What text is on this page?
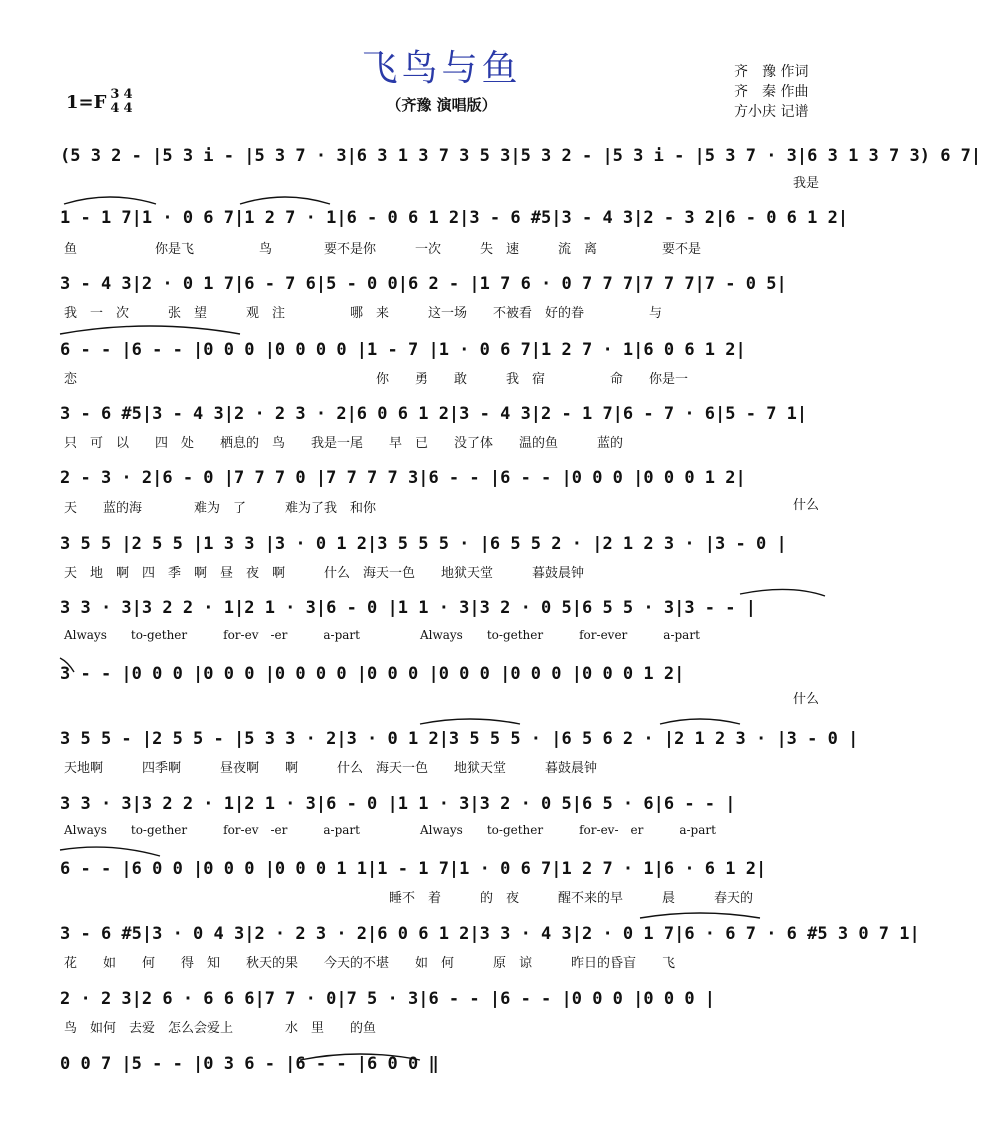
飞鸟与鱼
（齐豫 演唱版）
1=F 3
4
4
4
齐　豫 作词
齐　秦 作曲
方小庆 记谱
(5 3 2 - |5 3 i - |5 3 7 · 3|6 3 1 3 7 3 5 3|5 3 2 - |5 3 i - |5 3 7 · 3|6 3 1 3 7 3) 6 7|
我是
1 - 1 7|1 · 0 6 7|1 2 7 · 1|6 - 0 6 1 2|3 - 6 #5|3 - 4 3|2 - 3 2|6 - 0 6 1 2|
鱼　　　　　　你是飞　　　　　鸟　　　　要不是你　　　一次　　　失　速　　　流　离　　　　　要不是
3 - 4 3|2 · 0 1 7|6 - 7 6|5 - 0 0|6 2 - |1 7 6 · 0 7 7 7|7 7 7|7 - 0 5|
我　一　次　　　张　望　　　观　注　　　　　哪　来　　　这一场　　不被看　好的眷　　　　　与
6 - - |6 - - |0 0 0 |0 0 0 0 |1 - 7 |1 · 0 6 7|1 2 7 · 1|6 0 6 1 2|
恋　　　　　　　　　　　　　　　　　　　　　　　你　　勇　　敢　　　我　宿　　　　　命　　你是一
3 - 6 #5|3 - 4 3|2 · 2 3 · 2|6 0 6 1 2|3 - 4 3|2 - 1 7|6 - 7 · 6|5 - 7 1|
只　可　以　　四　处　　栖息的　鸟　　我是一尾　　早　已　　没了体　　温的鱼　　　蓝的
2 - 3 · 2|6 - 0 |7 7 7 0 |7 7 7 7 3|6 - - |6 - - |0 0 0 |0 0 0 1 2|
天　　蓝的海　　　　难为　了　　　难为了我　和你	什么
3 5 5 |2 5 5 |1 3 3 |3 · 0 1 2|3 5 5 5 · |6 5 5 2 · |2 1 2 3 · |3 - 0 |
天　地　啊　四　季　啊　昼　夜　啊　　　什么　海天一色　　地狱天堂　　　暮鼓晨钟
3 3 · 3|3 2 2 · 1|2 1 · 3|6 - 0 |1 1 · 3|3 2 · 0 5|6 5 5 · 3|3 - - |
Always　　to-gether　　　for-ev　-er　　　a-part　　　　　Always　　to-gether　　　for-ever　　　a-part
3 - - |0 0 0 |0 0 0 |0 0 0 0 |0 0 0 |0 0 0 |0 0 0 |0 0 0 1 2|
什么
3 5 5 - |2 5 5 - |5 3 3 · 2|3 · 0 1 2|3 5 5 5 · |6 5 6 2 · |2 1 2 3 · |3 - 0 |
天地啊　　　四季啊　　　昼夜啊　　啊　　　什么　海天一色　　地狱天堂　　　暮鼓晨钟
3 3 · 3|3 2 2 · 1|2 1 · 3|6 - 0 |1 1 · 3|3 2 · 0 5|6 5 · 6|6 - - |
Always　　to-gether　　　for-ev　-er　　　a-part　　　　　Always　　to-gether　　　for-ev-　er　　　a-part
6 - - |6 0 0 |0 0 0 |0 0 0 1 1|1 - 1 7|1 · 0 6 7|1 2 7 · 1|6 · 6 1 2|
　　　　　　　　　　　　　　　　　　　　　　　　　睡不　着　　　的　夜　　　醒不来的早　　　晨　　　春天的
3 - 6 #5|3 · 0 4 3|2 · 2 3 · 2|6 0 6 1 2|3 3 · 4 3|2 · 0 1 7|6 · 6 7 · 6 #5 3 0 7 1|
花　　如　　何　　得　知　　秋天的果　　今天的不堪　　如　何　　　原　谅　　　昨日的昏盲　　飞
2 · 2 3|2 6 · 6 6 6|7 7 · 0|7 5 · 3|6 - - |6 - - |0 0 0 |0 0 0 |
鸟　如何　去爱　怎么会爱上　　　　水　里　　的鱼
0 0 7 |5 - - |0 3 6 - |6 - - |6 0 0 ‖
